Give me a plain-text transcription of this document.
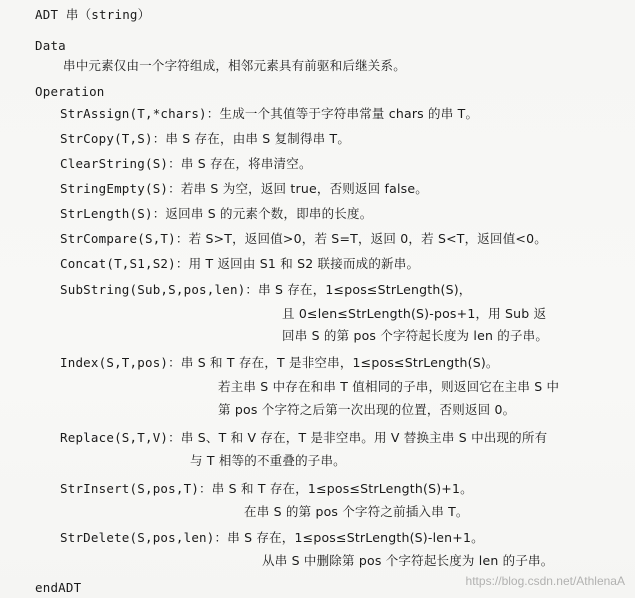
ADT 串（string）
Data
串中元素仅由一个字符组成，相邻元素具有前驱和后继关系。
Operation
StrAssign(T,*chars)：生成一个其值等于字符串常量 chars 的串 T。
StrCopy(T,S)：串 S 存在，由串 S 复制得串 T。
ClearString(S)：串 S 存在，将串清空。
StringEmpty(S)：若串 S 为空，返回 true，否则返回 false。
StrLength(S)：返回串 S 的元素个数，即串的长度。
StrCompare(S,T)：若 S>T，返回值>0，若 S=T，返回 0，若 S<T，返回值<0。
Concat(T,S1,S2)：用 T 返回由 S1 和 S2 联接而成的新串。
SubString(Sub,S,pos,len)：串 S 存在，1≤pos≤StrLength(S)，
且 0≤len≤StrLength(S)-pos+1，用 Sub 返
回串 S 的第 pos 个字符起长度为 len 的子串。
Index(S,T,pos)：串 S 和 T 存在，T 是非空串，1≤pos≤StrLength(S)。
若主串 S 中存在和串 T 值相同的子串，则返回它在主串 S 中
第 pos 个字符之后第一次出现的位置，否则返回 0。
Replace(S,T,V)：串 S、T 和 V 存在，T 是非空串。用 V 替换主串 S 中出现的所有
与 T 相等的不重叠的子串。
StrInsert(S,pos,T)：串 S 和 T 存在，1≤pos≤StrLength(S)+1。
在串 S 的第 pos 个字符之前插入串 T。
StrDelete(S,pos,len)：串 S 存在，1≤pos≤StrLength(S)-len+1。
从串 S 中删除第 pos 个字符起长度为 len 的子串。
endADT	https://blog.csdn.net/AthlenaA
